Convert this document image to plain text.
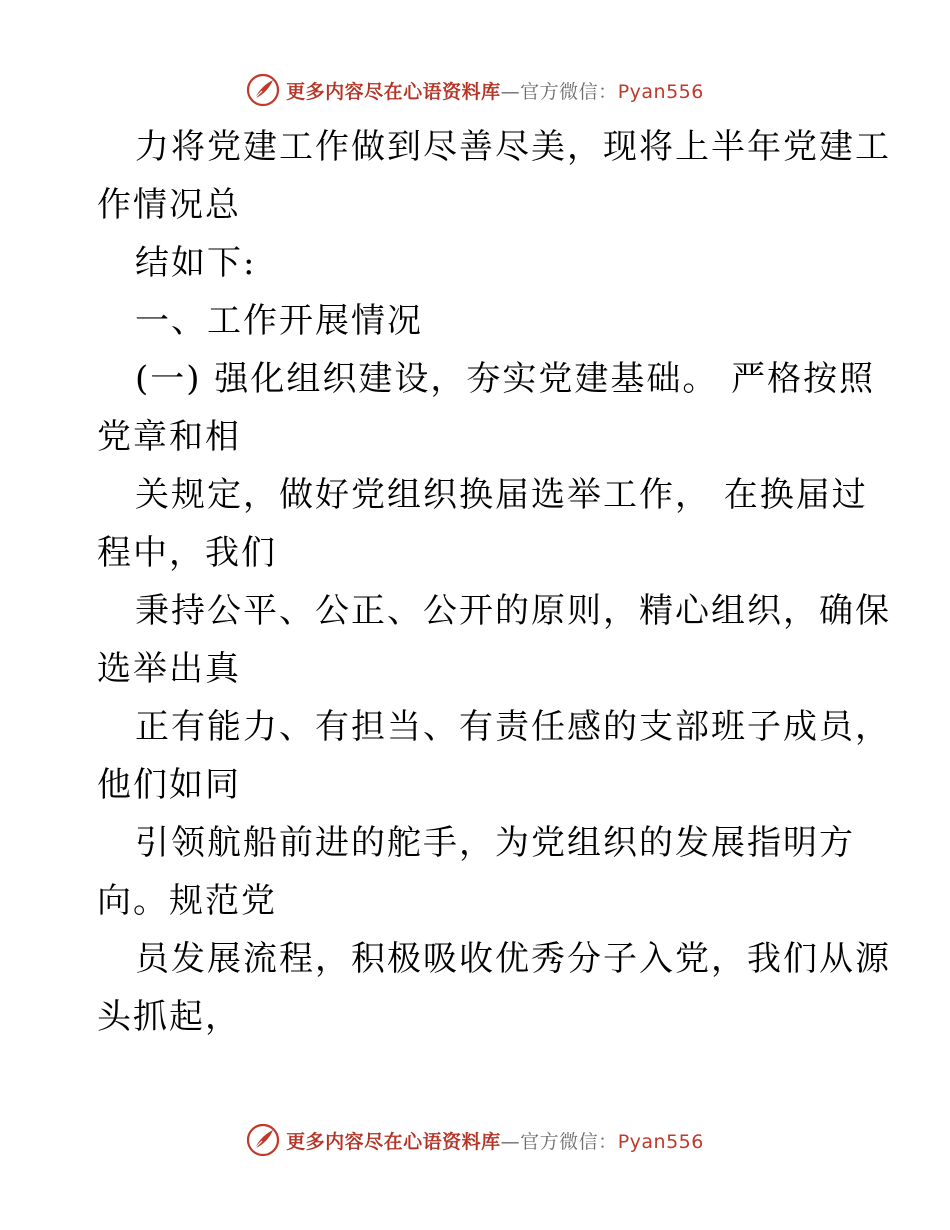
更多内容尽在心语资料库—官方微信：Pyan556

力将党建工作做到尽善尽美，现将上半年党建工
作情况总

结如下:

一、工作开展情况

(一) 强化组织建设，夯实党建基础。 严格按照
党章和相

关规定，做好党组织换届选举工作， 在换届过
程中，我们

秉持公平、公正、公开的原则，精心组织，确保
选举出真

正有能力、有担当、有责任感的支部班子成员，
他们如同

引领航船前进的舵手，为党组织的发展指明方
向。规范党

员发展流程，积极吸收优秀分子入党，我们从源
头抓起，

更多内容尽在心语资料库—官方微信：Pyan556
